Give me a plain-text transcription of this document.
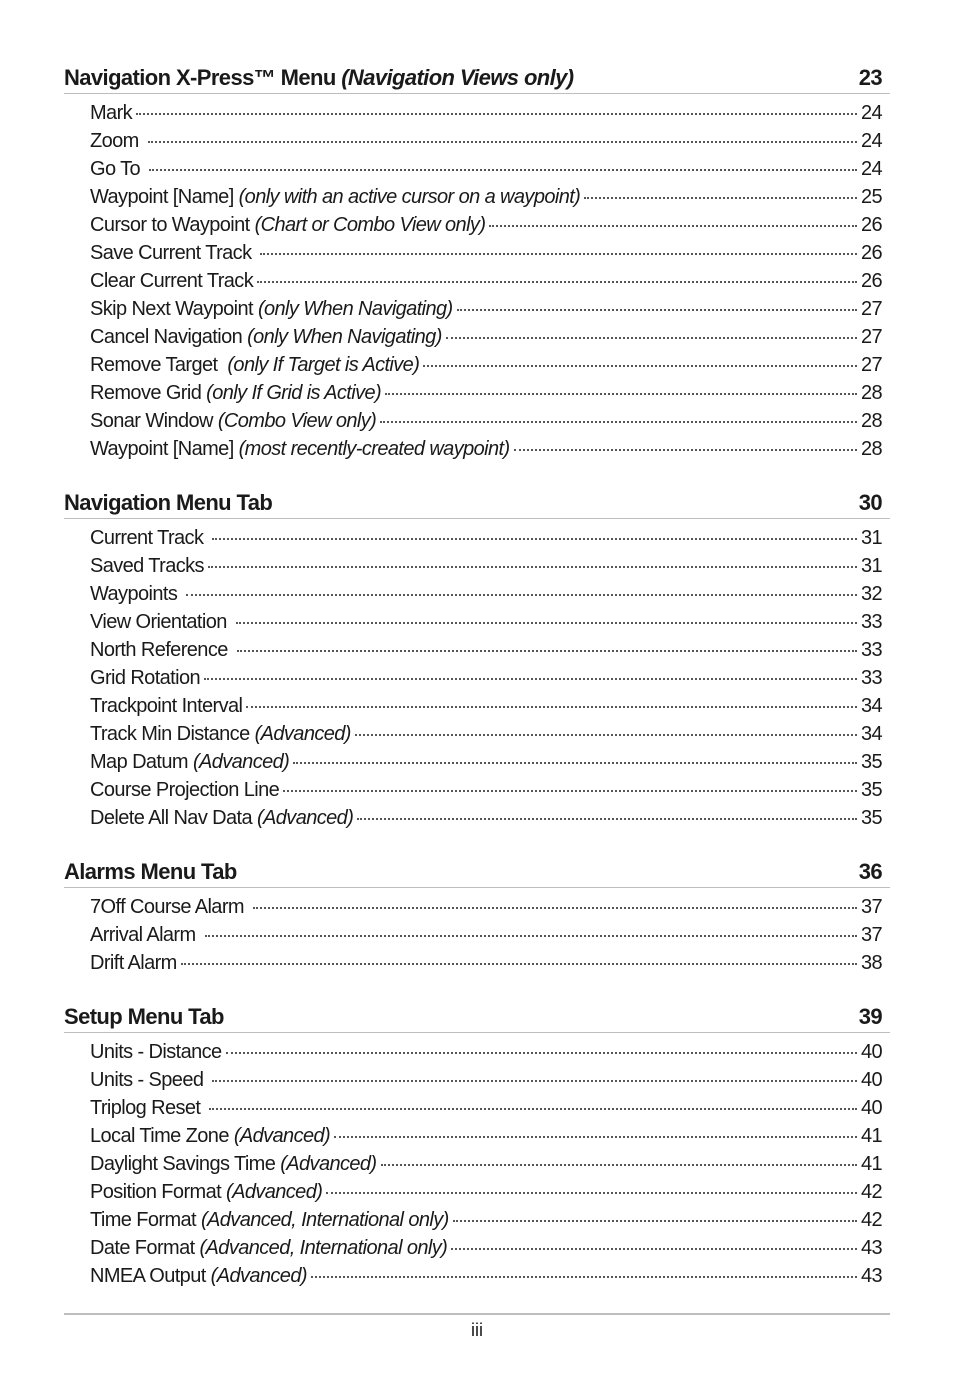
Navigation X-Press™ Menu (Navigation Views only)	23
Mark	24
Zoom	24
Go To	24
Waypoint [Name] (only with an active cursor on a waypoint)	25
Cursor to Waypoint (Chart or Combo View only)	26
Save Current Track	26
Clear Current Track	26
Skip Next Waypoint (only When Navigating)	27
Cancel Navigation (only When Navigating)	27
Remove Target (only If Target is Active)	27
Remove Grid (only If Grid is Active)	28
Sonar Window (Combo View only)	28
Waypoint [Name] (most recently-created waypoint)	28
Navigation Menu Tab	30
Current Track	31
Saved Tracks	31
Waypoints	32
View Orientation	33
North Reference	33
Grid Rotation	33
Trackpoint Interval	34
Track Min Distance (Advanced)	34
Map Datum (Advanced)	35
Course Projection Line	35
Delete All Nav Data (Advanced)	35
Alarms Menu Tab	36
7Off Course Alarm	37
Arrival Alarm	37
Drift Alarm	38
Setup Menu Tab	39
Units - Distance	40
Units - Speed	40
Triplog Reset	40
Local Time Zone (Advanced)	41
Daylight Savings Time (Advanced)	41
Position Format (Advanced)	42
Time Format (Advanced, International only)	42
Date Format (Advanced, International only)	43
NMEA Output (Advanced)	43
iii
